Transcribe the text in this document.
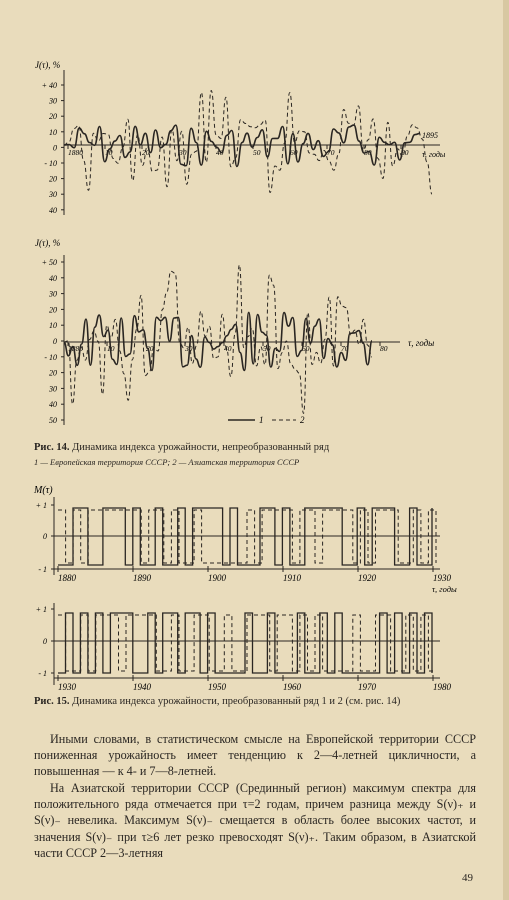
J(τ), %
+ 40
30
20
10
0
- 10
20
30
40
1880	10	20	30	40	50	60	70	80	90
1895
τ, годы
J(τ), %
+ 50
40
30
20
10
0
- 10
20
30
40
50
1880	10	20	30	40	50	60	70	80
τ, годы
1	2
Рис. 14. Динамика индекса урожайности, непреобразованный ряд
1 — Европейская территория СССР; 2 — Азиатская территория СССР
M(τ)
+ 1
0
- 1
1880	1890	1900	1910	1920	1930
τ, годы
+ 1
0
- 1
1930	1940	1950	1960	1970	1980
Рис. 15. Динамика индекса урожайности, преобразованный ряд 1 и 2 (см. рис. 14)
Иными словами, в статистическом смысле на Европейской территории СССР пониженная урожайность имеет тенденцию к 2—4-летней цикличности, а повышенная — к 4- и 7—8-летней.
На Азиатской территории СССР (Срединный регион) максимум спектра для положительного ряда отмечается при τ=2 годам, причем разница между S(ν)₊ и S(ν)₋ невелика. Максимум S(ν)₋ смещается в область более высоких частот, и значения S(ν)₋ при τ≥6 лет резко превосходят S(ν)₊. Таким образом, в Азиатской части СССР 2—3-летняя
49
